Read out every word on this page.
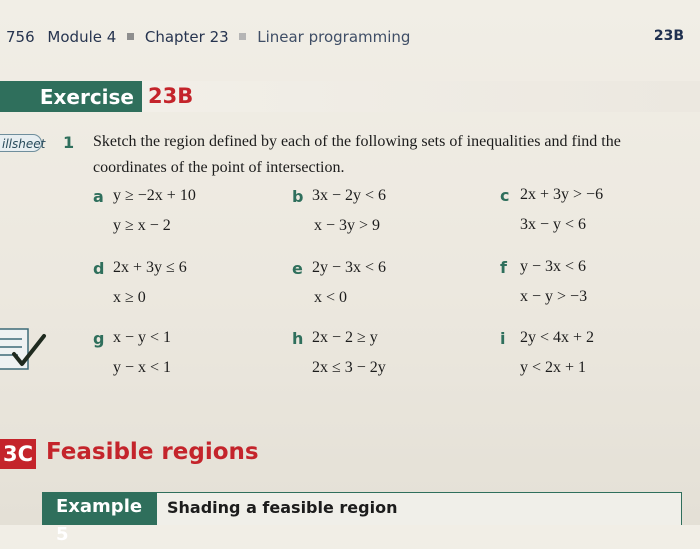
756 Module 4 Chapter 23 Linear programming	23B
Exercise 23B
illsheet 1 Sketch the region defined by each of the following sets of inequalities and find the coordinates of the point of intersection.
a y ≥ −2x + 10
y ≥ x − 2
b 3x − 2y < 6
x − 3y > 9
c 2x + 3y > −6
3x − y < 6
d 2x + 3y ≤ 6
x ≥ 0
e 2y − 3x < 6
x < 0
f y − 3x < 6
x − y > −3
g x − y < 1
y − x < 1
h 2x − 2 ≥ y
2x ≤ 3 − 2y
i 2y < 4x + 2
y < 2x + 1
3C Feasible regions
Example 5
Shading a feasible region
